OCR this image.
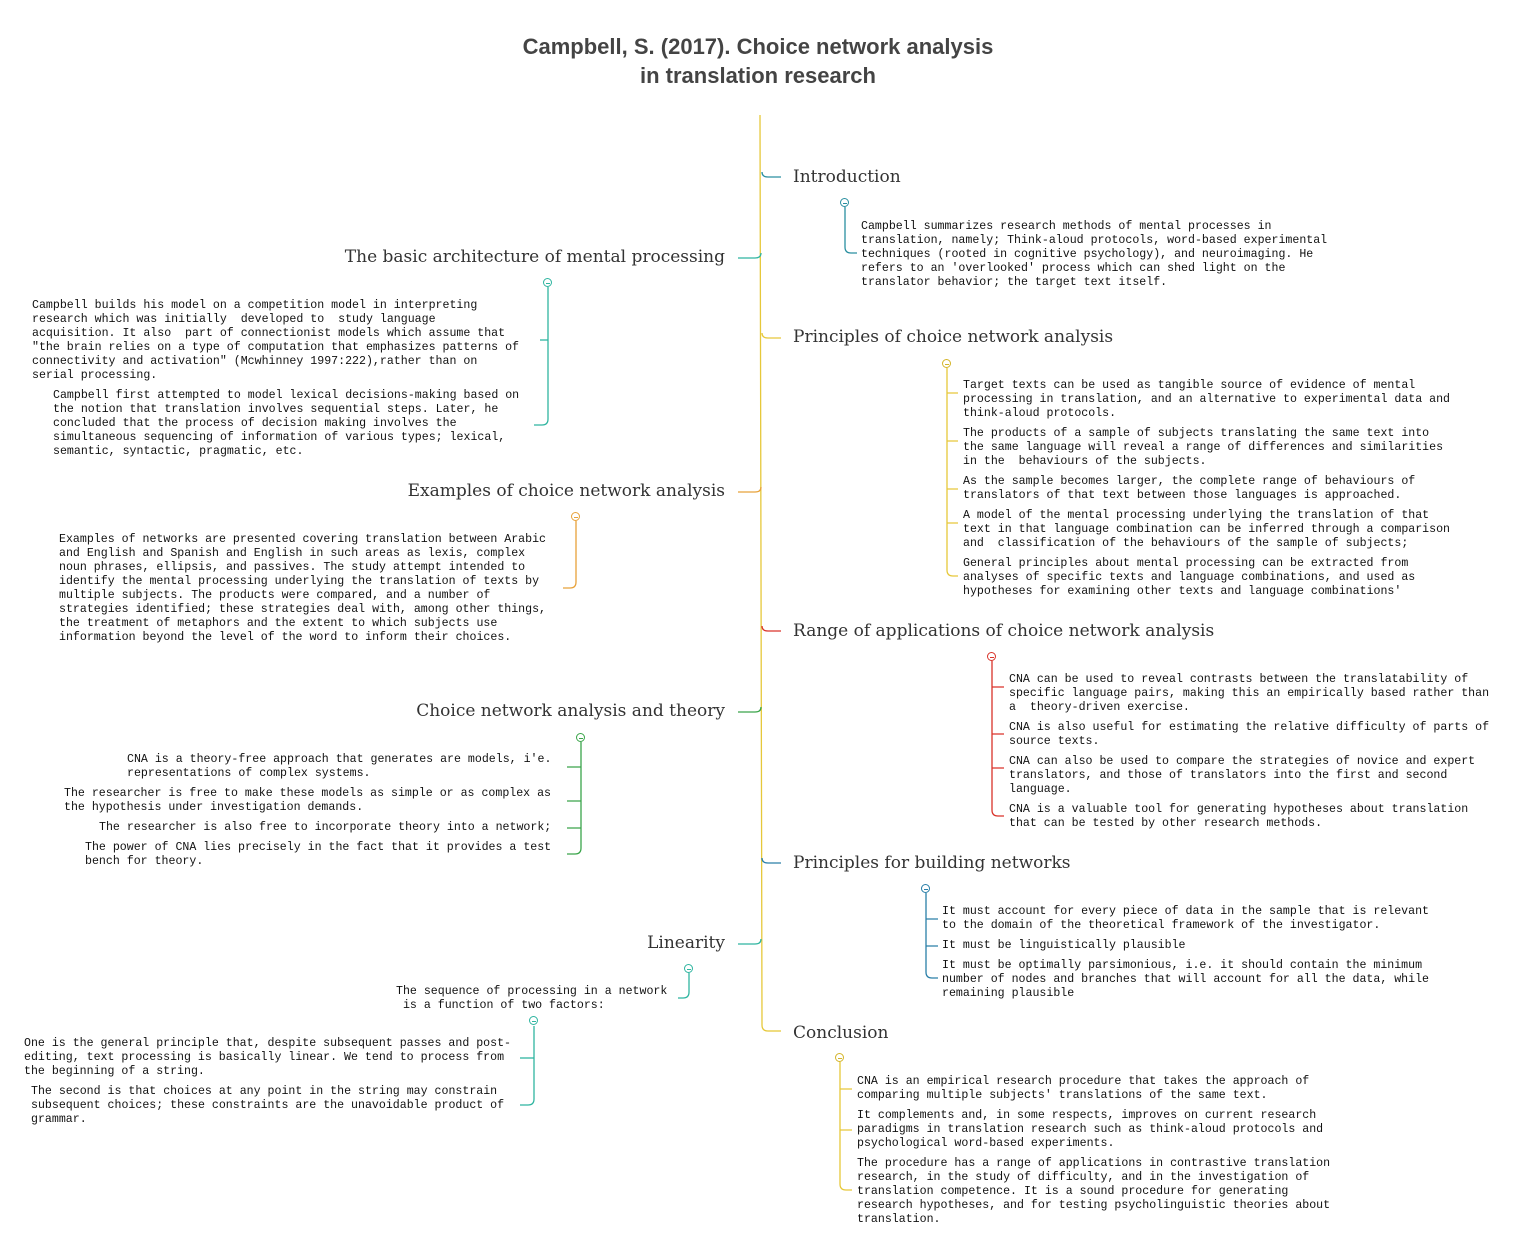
Campbell, S. (2017). Choice network analysis
in translation research
Introduction
Campbell summarizes research methods of mental processes in
translation, namely; Think-aloud protocols, word-based experimental
techniques (rooted in cognitive psychology), and neuroimaging. He
refers to an 'overlooked' process which can shed light on the
translator behavior; the target text itself.
Principles of choice network analysis
Target texts can be used as tangible source of evidence of mental
processing in translation, and an alternative to experimental data and
think-aloud protocols.
The products of a sample of subjects translating the same text into
the same language will reveal a range of differences and similarities
in the  behaviours of the subjects.
As the sample becomes larger, the complete range of behaviours of
translators of that text between those languages is approached.
A model of the mental processing underlying the translation of that
text in that language combination can be inferred through a comparison
and  classification of the behaviours of the sample of subjects;
General principles about mental processing can be extracted from
analyses of specific texts and language combinations, and used as
hypotheses for examining other texts and language combinations'
Range of applications of choice network analysis
CNA can be used to reveal contrasts between the translatability of
specific language pairs, making this an empirically based rather than
a  theory-driven exercise.
CNA is also useful for estimating the relative difficulty of parts of
source texts.
CNA can also be used to compare the strategies of novice and expert
translators, and those of translators into the first and second
language.
CNA is a valuable tool for generating hypotheses about translation
that can be tested by other research methods.
Principles for building networks
It must account for every piece of data in the sample that is relevant
to the domain of the theoretical framework of the investigator.
It must be linguistically plausible
It must be optimally parsimonious, i.e. it should contain the minimum
number of nodes and branches that will account for all the data, while
remaining plausible
Conclusion
CNA is an empirical research procedure that takes the approach of
comparing multiple subjects' translations of the same text.
It complements and, in some respects, improves on current research
paradigms in translation research such as think-aloud protocols and
psychological word-based experiments.
The procedure has a range of applications in contrastive translation
research, in the study of difficulty, and in the investigation of
translation competence. It is a sound procedure for generating
research hypotheses, and for testing psycholinguistic theories about
translation.
The basic architecture of mental processing
Campbell builds his model on a competition model in interpreting
research which was initially  developed to  study language
acquisition. It also  part of connectionist models which assume that
"the brain relies on a type of computation that emphasizes patterns of
connectivity and activation" (Mcwhinney 1997:222),rather than on
serial processing.
Campbell first attempted to model lexical decisions-making based on
the notion that translation involves sequential steps. Later, he
concluded that the process of decision making involves the
simultaneous sequencing of information of various types; lexical,
semantic, syntactic, pragmatic, etc.
Examples of choice network analysis
Examples of networks are presented covering translation between Arabic
and English and Spanish and English in such areas as lexis, complex
noun phrases, ellipsis, and passives. The study attempt intended to
identify the mental processing underlying the translation of texts by
multiple subjects. The products were compared, and a number of
strategies identified; these strategies deal with, among other things,
the treatment of metaphors and the extent to which subjects use
information beyond the level of the word to inform their choices.
Choice network analysis and theory
CNA is a theory-free approach that generates are models, i'e.
representations of complex systems.
The researcher is free to make these models as simple or as complex as
the hypothesis under investigation demands.
The researcher is also free to incorporate theory into a network;
The power of CNA lies precisely in the fact that it provides a test
bench for theory.
Linearity
The sequence of processing in a network
is a function of two factors:
One is the general principle that, despite subsequent passes and post-
editing, text processing is basically linear. We tend to process from
the beginning of a string.
The second is that choices at any point in the string may constrain
subsequent choices; these constraints are the unavoidable product of
grammar.
